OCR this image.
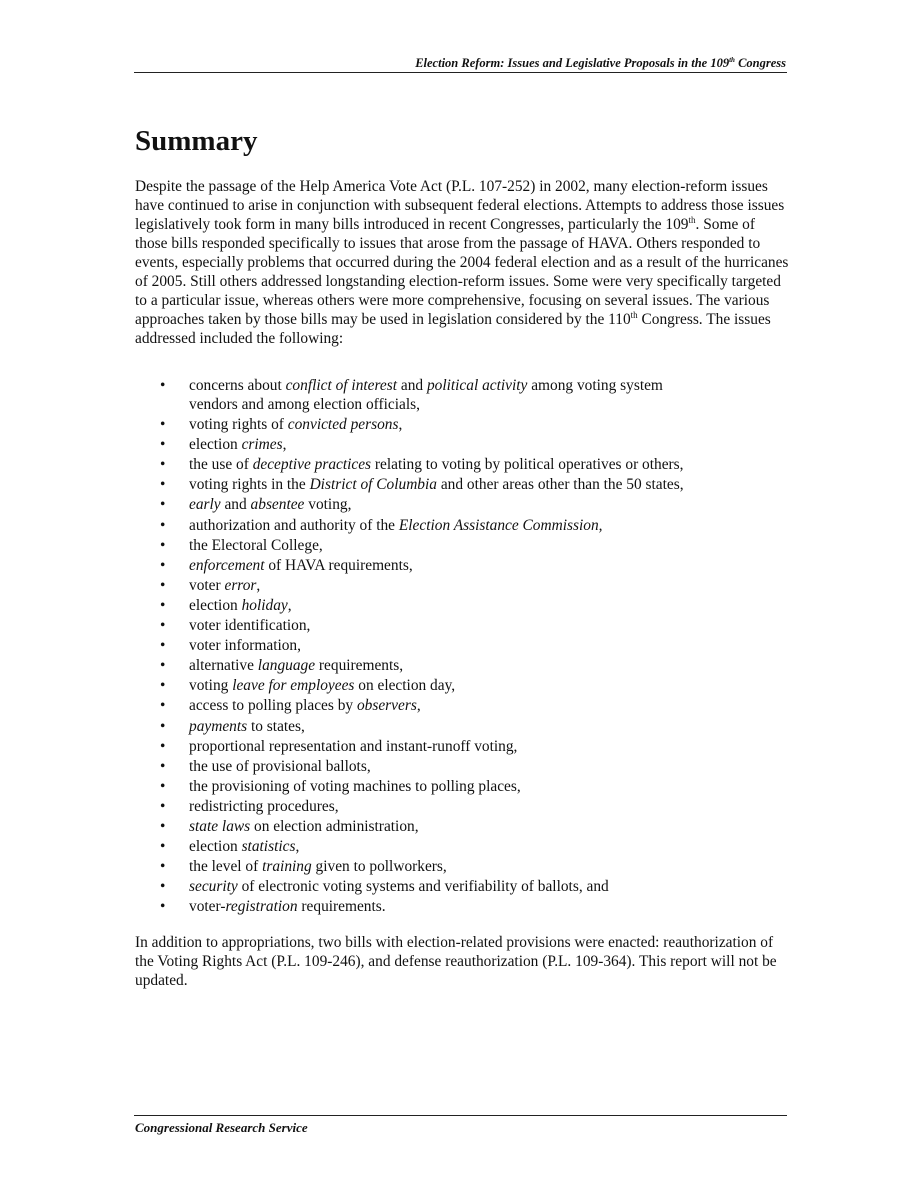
Election Reform: Issues and Legislative Proposals in the 109th Congress
Summary

Despite the passage of the Help America Vote Act (P.L. 107-252) in 2002, many election-reform issues have continued to arise in conjunction with subsequent federal elections. Attempts to address those issues legislatively took form in many bills introduced in recent Congresses, particularly the 109th. Some of those bills responded specifically to issues that arose from the passage of HAVA. Others responded to events, especially problems that occurred during the 2004 federal election and as a result of the hurricanes of 2005. Still others addressed longstanding election-reform issues. Some were very specifically targeted to a particular issue, whereas others were more comprehensive, focusing on several issues. The various approaches taken by those bills may be used in legislation considered by the 110th Congress. The issues addressed included the following:

• concerns about conflict of interest and political activity among voting system
vendors and among election officials,
• voting rights of convicted persons,
• election crimes,
• the use of deceptive practices relating to voting by political operatives or others,
• voting rights in the District of Columbia and other areas other than the 50 states,
• early and absentee voting,
• authorization and authority of the Election Assistance Commission,
• the Electoral College,
• enforcement of HAVA requirements,
• voter error,
• election holiday,
• voter identification,
• voter information,
• alternative language requirements,
• voting leave for employees on election day,
• access to polling places by observers,
• payments to states,
• proportional representation and instant-runoff voting,
• the use of provisional ballots,
• the provisioning of voting machines to polling places,
• redistricting procedures,
• state laws on election administration,
• election statistics,
• the level of training given to pollworkers,
• security of electronic voting systems and verifiability of ballots, and
• voter-registration requirements.

In addition to appropriations, two bills with election-related provisions were enacted: reauthorization of the Voting Rights Act (P.L. 109-246), and defense reauthorization (P.L. 109-364). This report will not be updated.

Congressional Research Service
